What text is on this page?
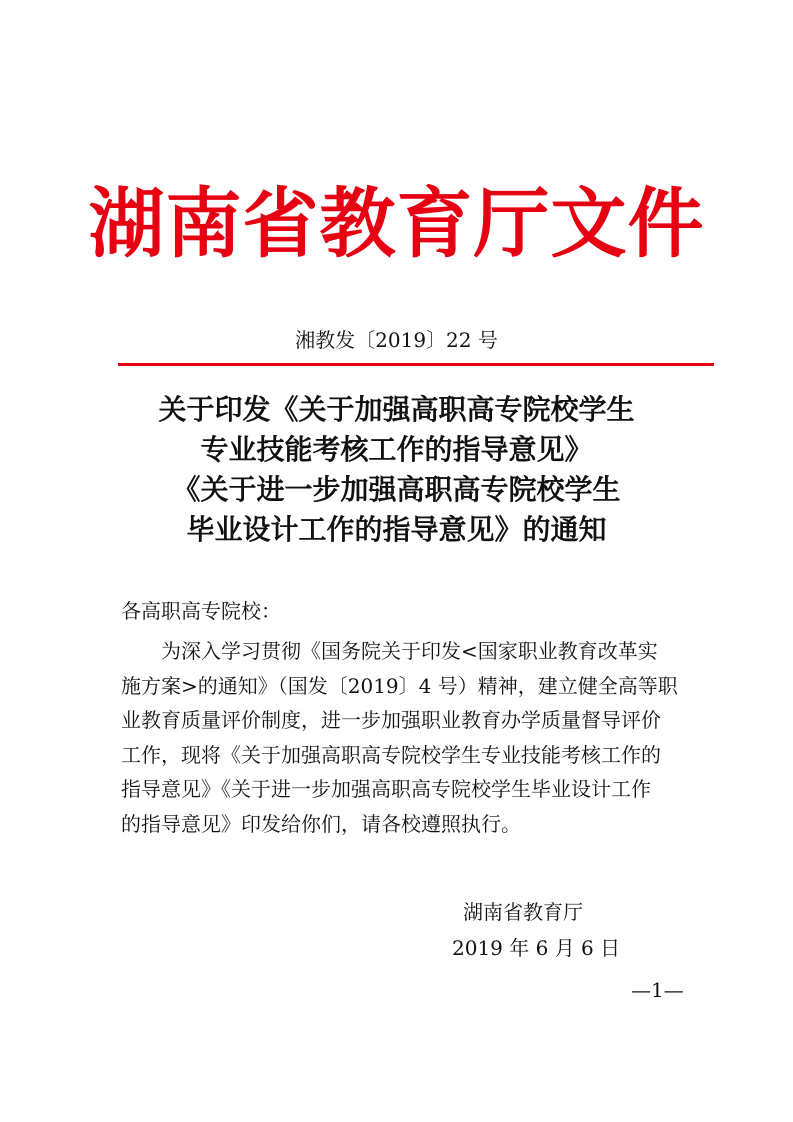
湖南省教育厅文件
湘教发〔2019〕22 号
关于印发《关于加强高职高专院校学生
专业技能考核工作的指导意见》
《关于进一步加强高职高专院校学生
毕业设计工作的指导意见》的通知
各高职高专院校：
为深入学习贯彻《国务院关于印发<国家职业教育改革实
施方案>的通知》（国发〔2019〕4 号）精神，建立健全高等职
业教育质量评价制度，进一步加强职业教育办学质量督导评价
工作，现将《关于加强高职高专院校学生专业技能考核工作的
指导意见》《关于进一步加强高职高专院校学生毕业设计工作
的指导意见》印发给你们，请各校遵照执行。
湖南省教育厅
2019 年 6 月 6 日
—1—
